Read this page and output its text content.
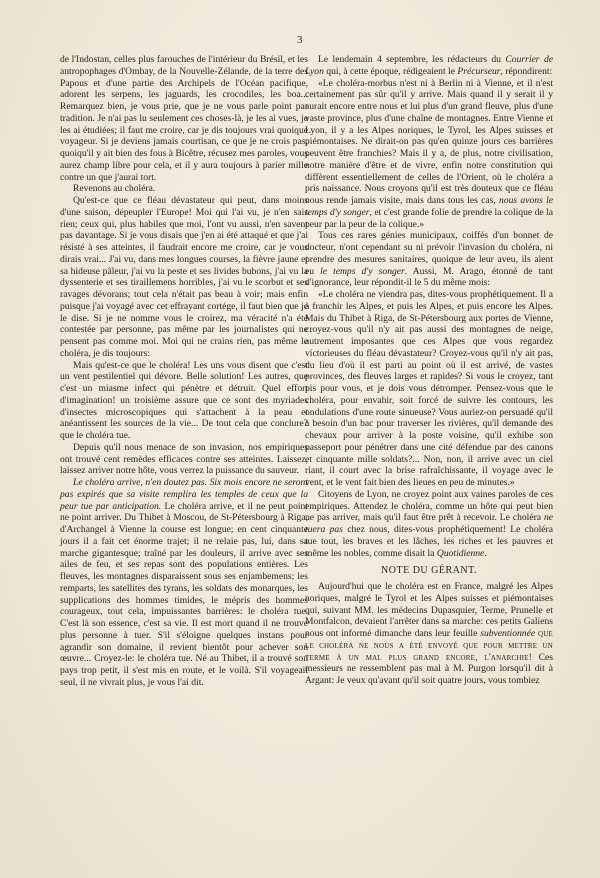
3

de l'Indostan, celles plus farouches de l'intérieur du Brésil, et les antropophages d'Ombay, de la Nouvelle-Zélande, de la terre des Papous et d'une partie des Archipels de l'Océan pacifique, adorent les serpens, les jaguards, les crocodiles, les boa... Remarquez bien, je vous prie, que je ne vous parle point par tradition. Je n'ai pas lu seulement ces choses-là, je les ai vues, je les ai étudiées; il faut me croire, car je dis toujours vrai quoique voyageur. Si je deviens jamais courtisan, ce que je ne crois pas, quoiqu'il y ait bien des fous à Bicêtre, récusez mes paroles, vous aurez champ libre pour cela, et il y aura toujours à parier mille contre un que j'aurai tort.

Revenons au choléra.

Qu'est-ce que ce fléau dévastateur qui peut, dans moins d'une saison, dépeupler l'Europe! Moi qui l'ai vu, je n'en sais rien; ceux qui, plus habiles que moi, l'ont vu aussi, n'en savent pas davantage. Si je vous disais que j'en ai été attaqué et que j'ai résisté à ses atteintes, il faudrait encore me croire, car je vous dirais vrai... J'ai vu, dans mes longues courses, la fièvre jaune et sa hideuse pâleur, j'ai vu la peste et ses livides bubons, j'ai vu la dyssenterie et ses tiraillemens horribles, j'ai vu le scorbut et ses ravages dévorans; tout cela n'était pas beau à voir; mais enfin puisque j'ai voyagé avec cet effrayant cortége, il faut bien que je le dise. Si je ne nomme vous le croirez, ma véracité n'a été contestée par personne, pas même par les journalistes qui ne pensent pas comme moi. Moi qui ne crains rien, pas même le choléra, je dis toujours:

Mais qu'est-ce que le choléra! Les uns vous disent que c'est un vent pestilentiel qui dévore. Belle solution! Les autres, que c'est un miasme infect qui pénètre et détruit. Quel effort d'imagination! un troisième assure que ce sont des myriades d'insectes microscopiques qui s'attachent à la peau et anéantissent les sources de la vie... De tout cela que conclure? que le choléra tue.

Depuis qu'il nous menace de son invasion, nos empiriques ont trouvé cent remèdes efficaces contre ses atteintes. Laissez, laissez arriver notre hôte, vous verrez la puissance du sauveur.

Le choléra arrive, n'en doutez pas. Six mois encore ne seront pas expirés que sa visite remplira les temples de ceux que la peur tue par anticipation. Le choléra arrive, et il ne peut point ne point arriver. Du Thibet à Moscou, de St-Pétersbourg à Riga, d'Archangel à Vienne la course est longue; en cent cinquante jours il a fait cet énorme trajet; il ne relaie pas, lui, dans sa marche gigantesque; traîné par les douleurs, il arrive avec ses ailes de feu, et ses repas sont des populations entières. Les fleuves, les montagnes disparaissent sous ses enjambemens; les remparts, les satellites des tyrans, les soldats des monarques, les supplications des hommes timides, le mépris des hommes courageux, tout cela, impuissantes barrières: le choléra tue. C'est là son essence, c'est sa vie. Il est mort quand il ne trouve plus personne à tuer. S'il s'éloigne quelques instans pour agrandir son domaine, il revient bientôt pour achever son œuvre... Croyez-le: le choléra tue. Né au Thibet, il a trouvé son pays trop petit, il s'est mis en route, et le voilà. S'il voyageait seul, il ne vivrait plus, je vous l'ai dit.

Le lendemain 4 septembre, les rédacteurs du Courrier de Lyon qui, à cette époque, rédigeaient le Précurseur, répondirent:

«Le choléra-morbus n'est ni à Berlin ni à Vienne, et il n'est certainement pas sûr qu'il y arrive. Mais quand il y serait il y aurait encore entre nous et lui plus d'un grand fleuve, plus d'une vaste province, plus d'une chaîne de montagnes. Entre Vienne et Lyon, il y a les Alpes noriques, le Tyrol, les Alpes suisses et piémontaises. Ne dirait-on pas qu'en quinze jours ces barrières peuvent être franchies? Mais il y a, de plus, notre civilisation, notre manière d'être et de vivre, enfin notre constitution qui diffèrent essentiellement de celles de l'Orient, où le choléra a pris naissance. Nous croyons qu'il est très douteux que ce fléau nous rende jamais visite, mais dans tous les cas, nous avons le temps d'y songer, et c'est grande folie de prendre la colique de la peur par la peur de la colique.»

Tous ces rares génies municipaux, coiffés d'un bonnet de docteur, n'ont cependant su ni prévoir l'invasion du choléra, ni prendre des mesures sanitaires, quoique de leur aveu, ils aient eu le temps d'y songer. Aussi, M. Arago, étonné de tant d'ignorance, leur répondit-il le 5 du même mois:

«Le choléra ne viendra pas, dites-vous prophétiquement. Il a à franchir les Alpes, et puis les Alpes, et puis encore les Alpes. Mais du Thibet à Riga, de St-Pétersbourg aux portes de Vienne, croyez-vous qu'il n'y ait pas aussi des montagnes de neige, autrement imposantes que ces Alpes que vous regardez victorieuses du fléau dévastateur? Croyez-vous qu'il n'y ait pas, du lieu d'où il est parti au point où il est arrivé, de vastes provinces, des fleuves larges et rapides? Si vous le croyez, tant pis pour vous, et je dois vous détromper. Pensez-vous que le choléra, pour envahir, soit forcé de suivre les contours, les ondulations d'une route sinueuse? Vous auriez-on persuadé qu'il a besoin d'un bac pour traverser les rivières, qu'il demande des chevaux pour arriver à la poste voisine, qu'il exhibe son passeport pour pénétrer dans une cité défendue par des canons et cinquante mille soldats?... Non, non, il arrive avec un ciel riant, il court avec la brise rafraîchissante, il voyage avec le vent, et le vent fait bien des lieues en peu de minutes.»

Citoyens de Lyon, ne croyez point aux vaines paroles de ces empiriques. Attendez le choléra, comme un hôte qui peut bien ne pas arriver, mais qu'il faut être prêt à recevoir. Le choléra ne tuera pas chez nous, dites-vous prophétiquement! Le choléra tue tout, les braves et les lâches, les riches et les pauvres et même les nobles, comme disait la Quotidienne.

NOTE DU GÉRANT.

Aujourd'hui que le choléra est en France, malgré les Alpes noriques, malgré le Tyrol et les Alpes suisses et piémontaises qui, suivant MM. les médecins Dupasquier, Terme, Prunelle et Montfalcon, devaient l'arrêter dans sa marche: ces petits Galiens nous ont informé dimanche dans leur feuille subventionnée que le choléra ne nous a été envoyé que pour mettre un terme à un mal plus grand encore, l'anarchie! Ces messieurs ne ressemblent pas mal à M. Purgon lorsqu'il dit à Argant: Je veux qu'avant qu'il soit quatre jours, vous tombiez
